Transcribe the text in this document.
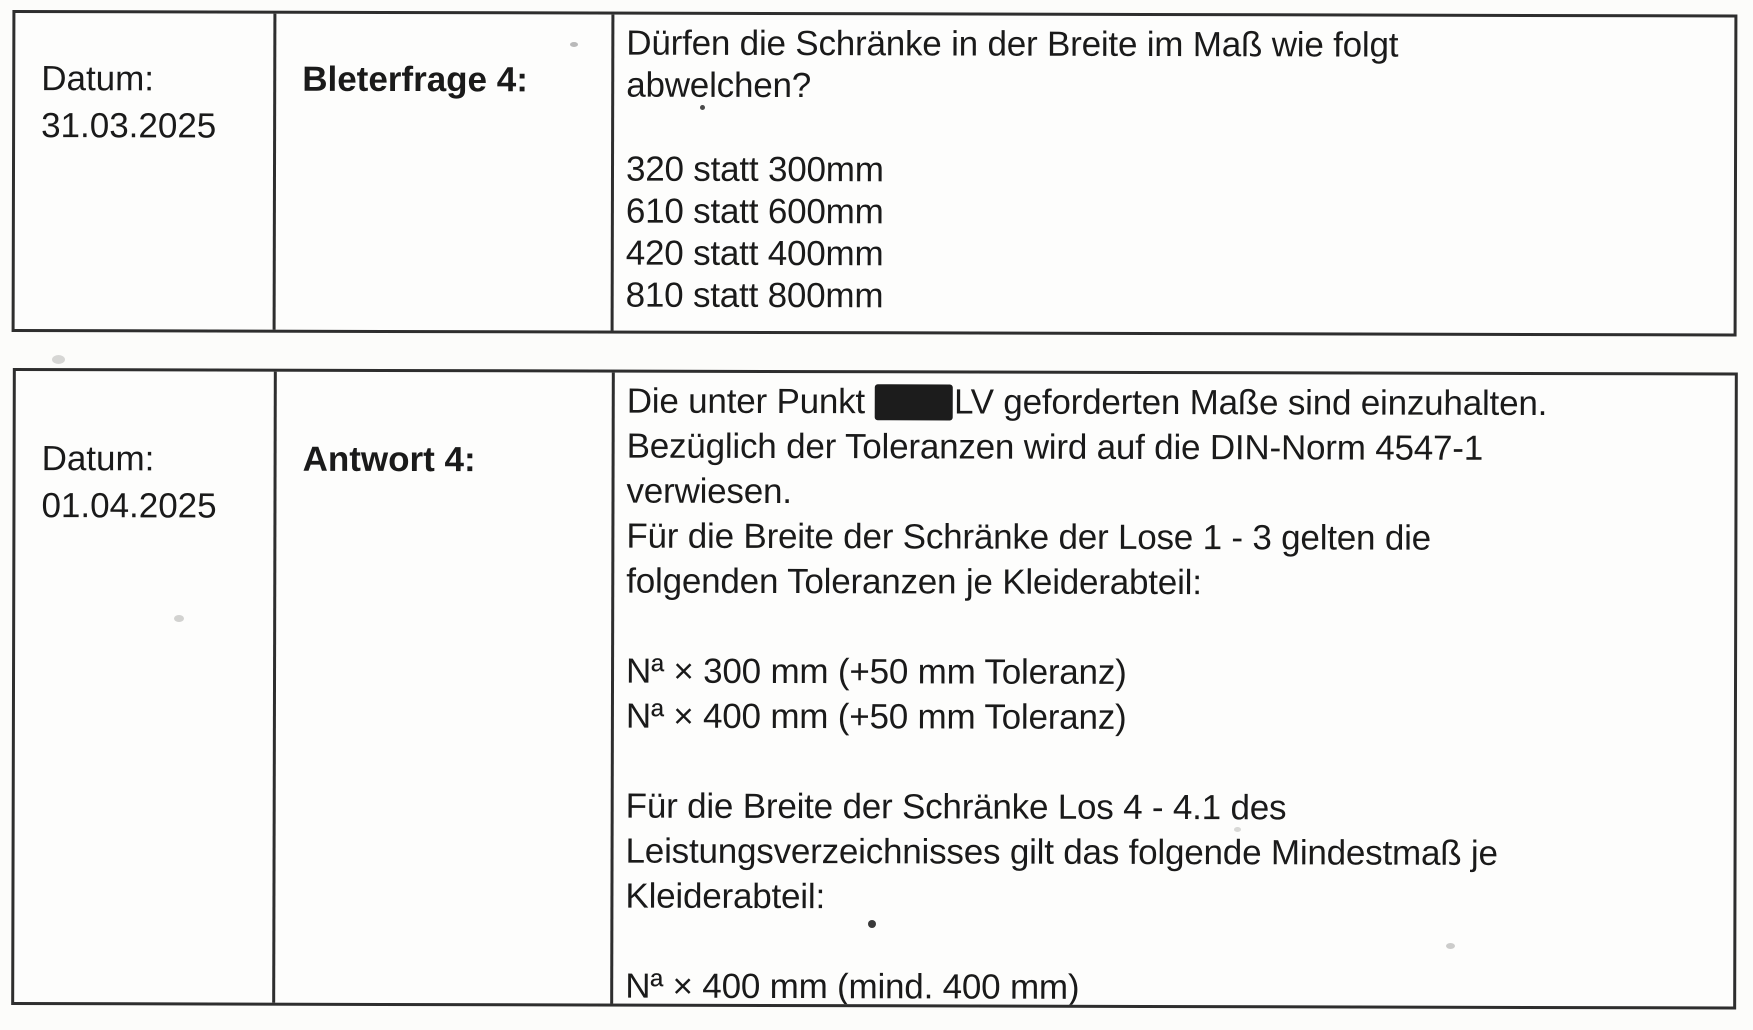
Datum:
31.03.2025
Bleterfrage 4:
Dürfen die Schränke in der Breite im Maß wie folgt
abwelchen?
320 statt 300mm
610 statt 600mm
420 statt 400mm
810 statt 800mm
Datum:
01.04.2025
Antwort 4:
Die unter Punkt	LV geforderten Maße sind einzuhalten.
Bezüglich der Toleranzen wird auf die DIN-Norm 4547-1
verwiesen.
Für die Breite der Schränke der Lose 1 - 3 gelten die
folgenden Toleranzen je Kleiderabteil:
Nª × 300 mm (+50 mm Toleranz)
Nª × 400 mm (+50 mm Toleranz)
Für die Breite der Schränke Los 4 - 4.1 des
Leistungsverzeichnisses gilt das folgende Mindestmaß je
Kleiderabteil:
Nª × 400 mm (mind. 400 mm)
